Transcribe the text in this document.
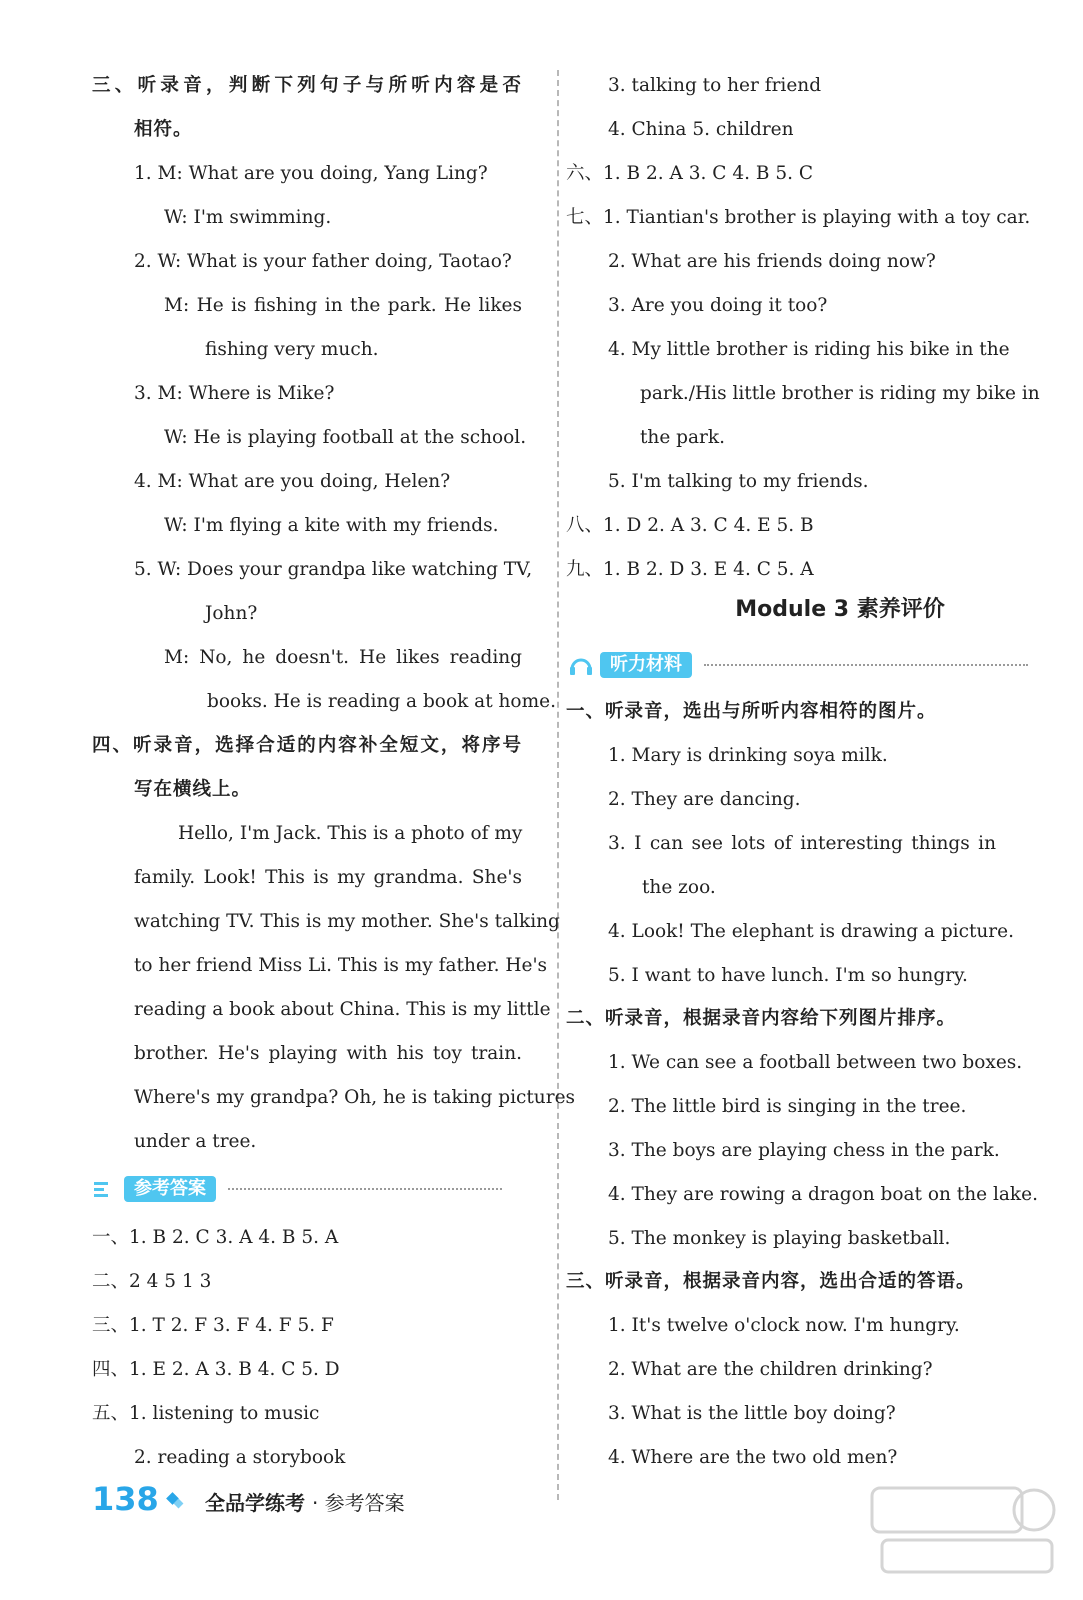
三、听录音，判断下列句子与所听内容是否
相符。
1. M: What are you doing, Yang Ling?
W: I'm swimming.
2. W: What is your father doing, Taotao?
M: He is fishing in the park. He likes
fishing very much.
3. M: Where is Mike?
W: He is playing football at the school.
4. M: What are you doing, Helen?
W: I'm flying a kite with my friends.
5. W: Does your grandpa like watching TV,
John?
M: No, he doesn't. He likes reading
books. He is reading a book at home.
四、听录音，选择合适的内容补全短文，将序号
写在横线上。
Hello, I'm Jack. This is a photo of my
family. Look! This is my grandma. She's
watching TV. This is my mother. She's talking
to her friend Miss Li. This is my father. He's
reading a book about China. This is my little
brother. He's playing with his toy train.
Where's my grandpa? Oh, he is taking pictures
under a tree.
参考答案
一、1. B 2. C 3. A 4. B 5. A
二、2 4 5 1 3
三、1. T 2. F 3. F 4. F 5. F
四、1. E 2. A 3. B 4. C 5. D
五、1. listening to music
2. reading a storybook
3. talking to her friend
4. China 5. children
六、1. B 2. A 3. C 4. B 5. C
七、1. Tiantian's brother is playing with a toy car.
2. What are his friends doing now?
3. Are you doing it too?
4. My little brother is riding his bike in the
park./His little brother is riding my bike in
the park.
5. I'm talking to my friends.
八、1. D 2. A 3. C 4. E 5. B
九、1. B 2. D 3. E 4. C 5. A
Module 3 素养评价
听力材料
一、听录音，选出与所听内容相符的图片。
1. Mary is drinking soya milk.
2. They are dancing.
3. I can see lots of interesting things in
the zoo.
4. Look! The elephant is drawing a picture.
5. I want to have lunch. I'm so hungry.
二、听录音，根据录音内容给下列图片排序。
1. We can see a football between two boxes.
2. The little bird is singing in the tree.
3. The boys are playing chess in the park.
4. They are rowing a dragon boat on the lake.
5. The monkey is playing basketball.
三、听录音，根据录音内容，选出合适的答语。
1. It's twelve o'clock now. I'm hungry.
2. What are the children drinking?
3. What is the little boy doing?
4. Where are the two old men?
138 全品学练考 · 参考答案
